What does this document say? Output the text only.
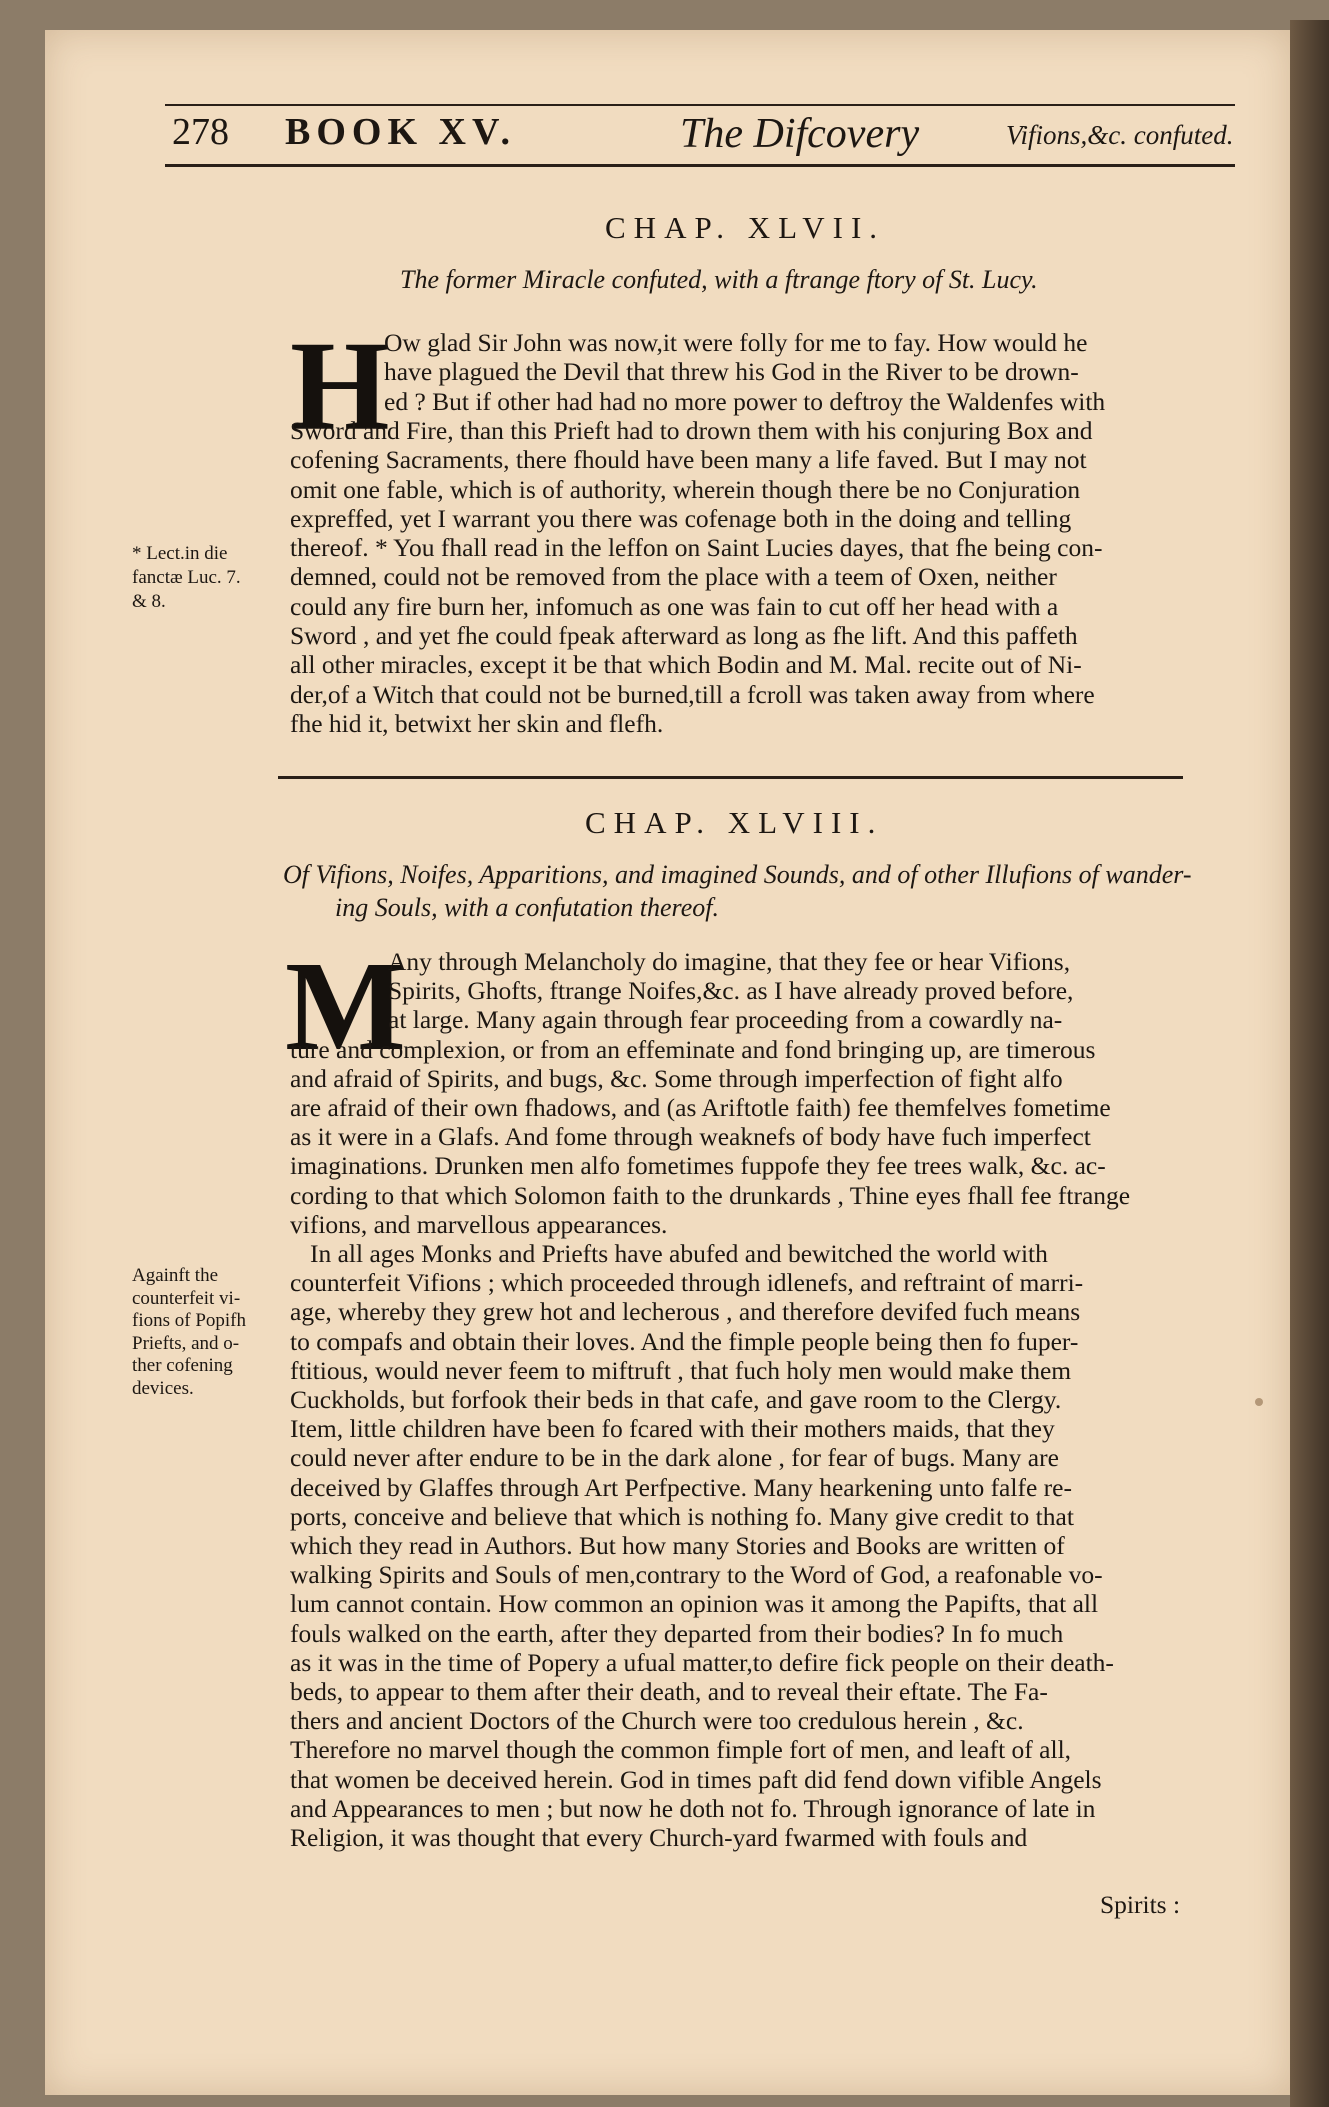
278 BOOK XV.	The Difcovery	Vifions,&c. confuted.
CHAP. XLVII.
The former Miracle confuted, with a ftrange ftory of St. Lucy.
H
Ow glad Sir John was now,it were folly for me to fay. How would he
have plagued the Devil that threw his God in the River to be drown-
ed ? But if other had had no more power to deftroy the Waldenfes with
Sword and Fire, than this Prieft had to drown them with his conjuring Box and
cofening Sacraments, there fhould have been many a life faved. But I may not
omit one fable, which is of authority, wherein though there be no Conjuration
expreffed, yet I warrant you there was cofenage both in the doing and telling
thereof. * You fhall read in the leffon on Saint Lucies dayes, that fhe being con-
demned, could not be removed from the place with a teem of Oxen, neither
could any fire burn her, infomuch as one was fain to cut off her head with a
Sword , and yet fhe could fpeak afterward as long as fhe lift. And this paffeth
all other miracles, except it be that which Bodin and M. Mal. recite out of Ni-
der,of a Witch that could not be burned,till a fcroll was taken away from where
fhe hid it, betwixt her skin and flefh.
* Lect.in die
fanctæ Luc. 7.
& 8.
CHAP. XLVIII.
Of Vifions, Noifes, Apparitions, and imagined Sounds, and of other Illufions of wander-
ing Souls, with a confutation thereof.
M
Any through Melancholy do imagine, that they fee or hear Vifions,
Spirits, Ghofts, ftrange Noifes,&c. as I have already proved before,
at large. Many again through fear proceeding from a cowardly na-
ture and complexion, or from an effeminate and fond bringing up, are timerous
and afraid of Spirits, and bugs, &c. Some through imperfection of fight alfo
are afraid of their own fhadows, and (as Ariftotle faith) fee themfelves fometime
as it were in a Glafs. And fome through weaknefs of body have fuch imperfect
imaginations. Drunken men alfo fometimes fuppofe they fee trees walk, &c. ac-
cording to that which Solomon faith to the drunkards , Thine eyes fhall fee ftrange
vifions, and marvellous appearances.
In all ages Monks and Priefts have abufed and bewitched the world with
counterfeit Vifions ; which proceeded through idlenefs, and reftraint of marri-
age, whereby they grew hot and lecherous , and therefore devifed fuch means
to compafs and obtain their loves. And the fimple people being then fo fuper-
ftitious, would never feem to miftruft , that fuch holy men would make them
Cuckholds, but forfook their beds in that cafe, and gave room to the Clergy.
Item, little children have been fo fcared with their mothers maids, that they
could never after endure to be in the dark alone , for fear of bugs. Many are
deceived by Glaffes through Art Perfpective. Many hearkening unto falfe re-
ports, conceive and believe that which is nothing fo. Many give credit to that
which they read in Authors. But how many Stories and Books are written of
walking Spirits and Souls of men,contrary to the Word of God, a reafonable vo-
lum cannot contain. How common an opinion was it among the Papifts, that all
fouls walked on the earth, after they departed from their bodies? In fo much
as it was in the time of Popery a ufual matter,to defire fick people on their death-
beds, to appear to them after their death, and to reveal their eftate. The Fa-
thers and ancient Doctors of the Church were too credulous herein , &c.
Therefore no marvel though the common fimple fort of men, and leaft of all,
that women be deceived herein. God in times paft did fend down vifible Angels
and Appearances to men ; but now he doth not fo. Through ignorance of late in
Religion, it was thought that every Church-yard fwarmed with fouls and
Againft the
counterfeit vi-
fions of Popifh
Priefts, and o-
ther cofening
devices.
Spirits :
